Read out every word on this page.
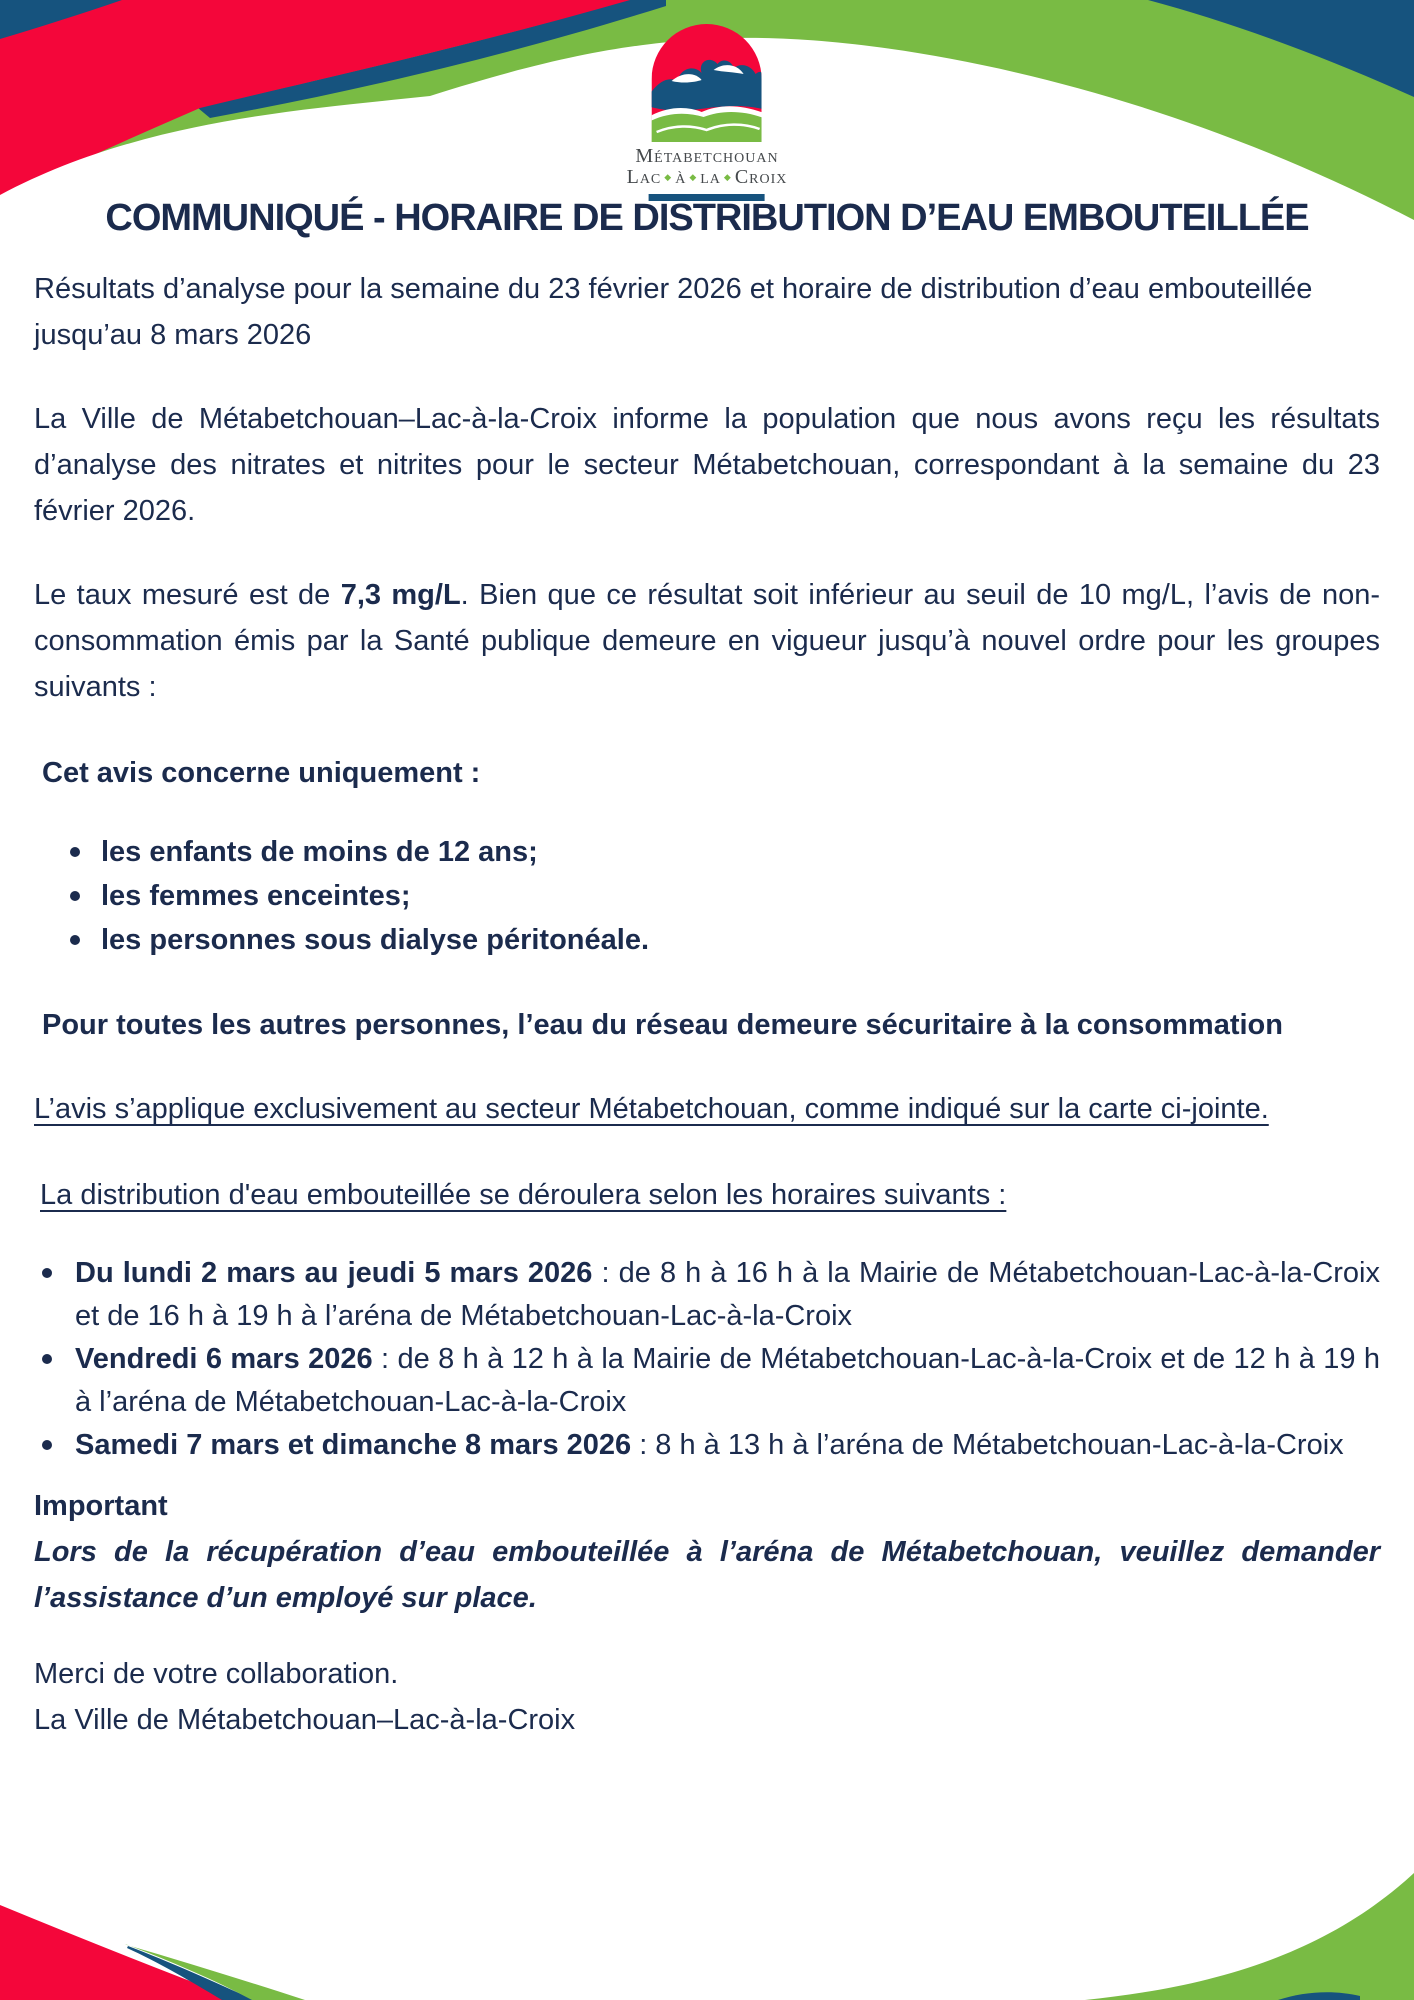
Métabetchouan
Lac ◆ à ◆ la ◆ Croix
COMMUNIQUÉ - HORAIRE DE DISTRIBUTION D’EAU EMBOUTEILLÉE

Résultats d’analyse pour la semaine du 23 février 2026 et horaire de distribution d’eau embouteillée jusqu’au 8 mars 2026

La Ville de Métabetchouan–Lac-à-la-Croix informe la population que nous avons reçu les résultats d’analyse des nitrates et nitrites pour le secteur Métabetchouan, correspondant à la semaine du 23 février 2026.

Le taux mesuré est de 7,3 mg/L. Bien que ce résultat soit inférieur au seuil de 10 mg/L, l’avis de non-consommation émis par la Santé publique demeure en vigueur jusqu’à nouvel ordre pour les groupes suivants :

Cet avis concerne uniquement :

les enfants de moins de 12 ans;
les femmes enceintes;
les personnes sous dialyse péritonéale.

Pour toutes les autres personnes, l’eau du réseau demeure sécuritaire à la consommation

L’avis s’applique exclusivement au secteur Métabetchouan, comme indiqué sur la carte ci-jointe.

La distribution d'eau embouteillée se déroulera selon les horaires suivants :

Du lundi 2 mars au jeudi 5 mars 2026 : de 8 h à 16 h à la Mairie de Métabetchouan-Lac-à-la-Croix et de 16 h à 19 h à l’aréna de Métabetchouan-Lac-à-la-Croix
Vendredi 6 mars 2026 : de 8 h à 12 h à la Mairie de Métabetchouan-Lac-à-la-Croix et de 12 h à 19 h à l’aréna de Métabetchouan-Lac-à-la-Croix
Samedi 7 mars et dimanche 8 mars 2026 : 8 h à 13 h à l’aréna de Métabetchouan-Lac-à-la-Croix

Important

Lors de la récupération d’eau embouteillée à l’aréna de Métabetchouan, veuillez demander l’assistance d’un employé sur place.

Merci de votre collaboration.

La Ville de Métabetchouan–Lac-à-la-Croix
